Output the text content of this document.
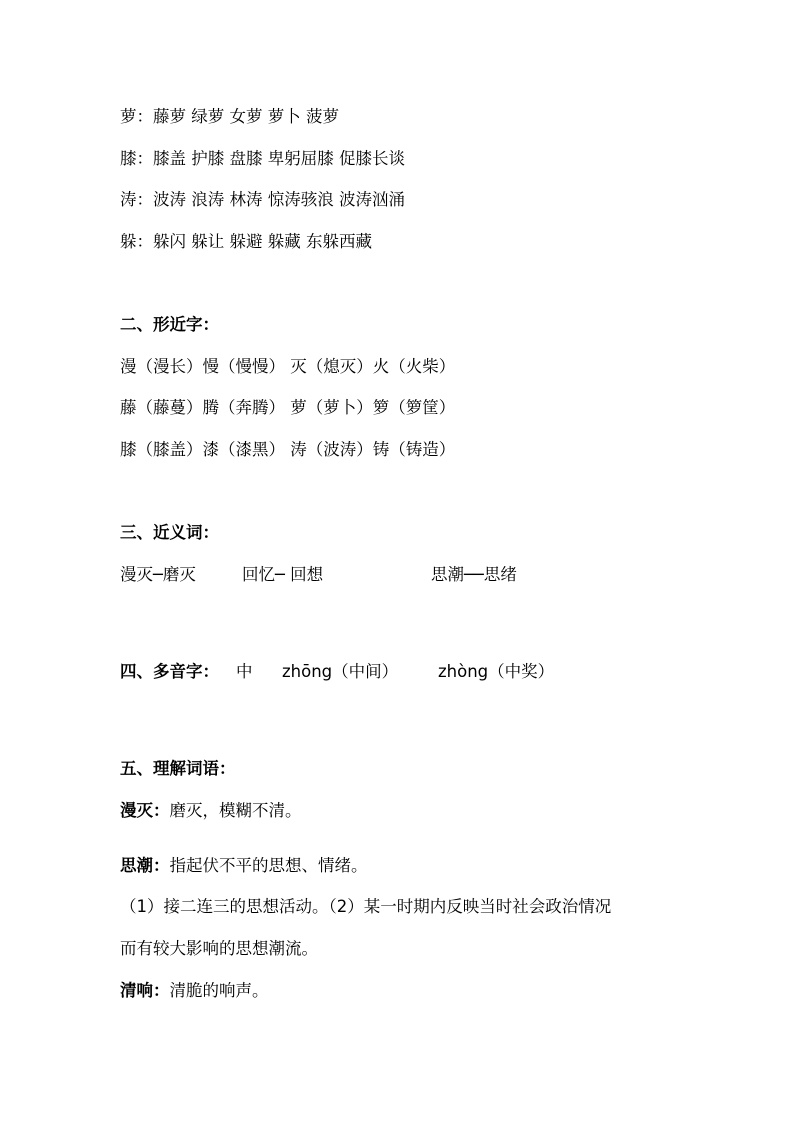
萝：藤萝 绿萝 女萝 萝卜 菠萝
膝：膝盖 护膝 盘膝 卑躬屈膝 促膝长谈
涛：波涛 浪涛 林涛 惊涛骇浪 波涛汹涌
躲：躲闪 躲让 躲避 躲藏 东躲西藏
二、形近字：
漫（漫长）慢（慢慢） 灭（熄灭）火（火柴）
藤（藤蔓）腾（奔腾） 萝（萝卜）箩（箩筐）
膝（膝盖）漆（漆黑） 涛（波涛）铸（铸造）
三、近义词：
漫灭─磨灭	回忆─ 回想	思潮──思绪
四、多音字： 中 zhōng（中间） zhòng（中奖）
五、理解词语：
漫灭：磨灭，模糊不清。
思潮：指起伏不平的思想、情绪。
（1）接二连三的思想活动。（2）某一时期内反映当时社会政治情况
而有较大影响的思想潮流。
清响：清脆的响声。
